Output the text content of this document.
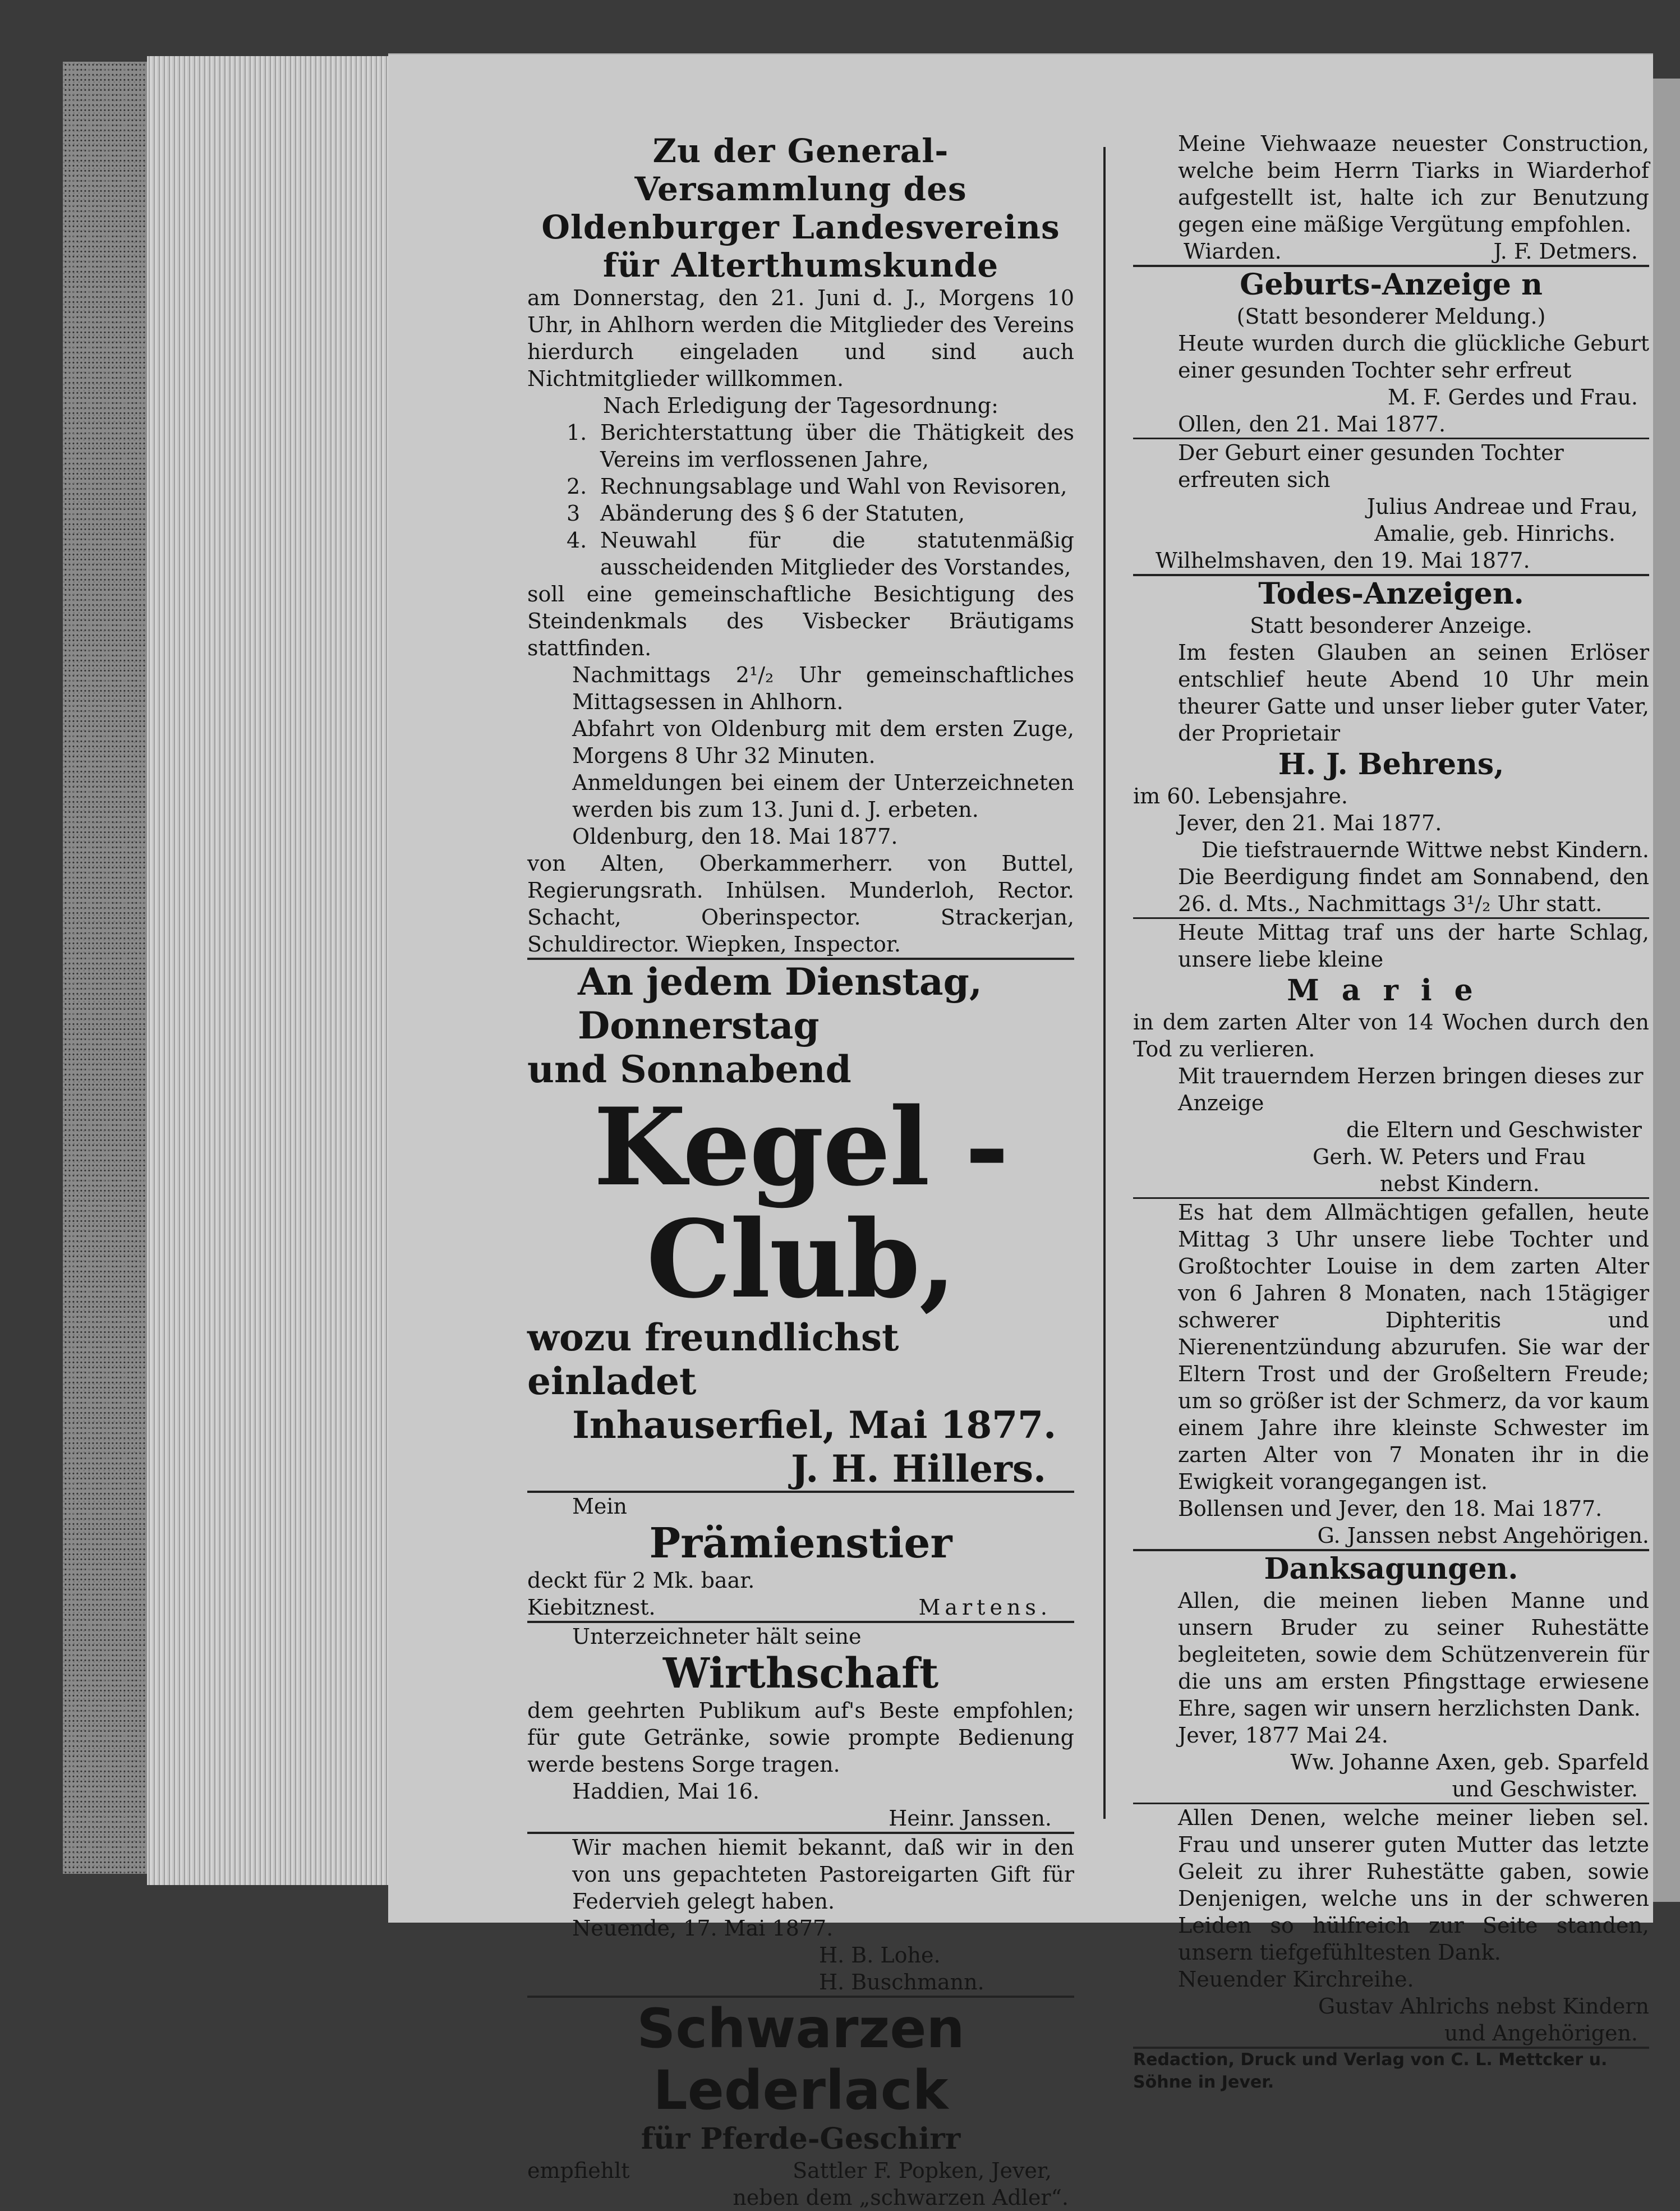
Zu der General-Versammlung des
Oldenburger Landesvereins
für Alterthumskunde

am Donnerstag, den 21. Juni d. J., Morgens 10 Uhr, in Ahlhorn werden die Mitglieder des Vereins hierdurch eingeladen und sind auch Nichtmitglieder willkommen.

Nach Erledigung der Tagesordnung:

1. Berichterstattung über die Thätigkeit des Vereins im verflossenen Jahre,
2. Rechnungsablage und Wahl von Revisoren,
3 Abänderung des § 6 der Statuten,
4. Neuwahl für die statutenmäßig ausscheidenden Mitglieder des Vorstandes,

soll eine gemeinschaftliche Besichtigung des Steindenkmals des Visbecker Bräutigams stattfinden.

Nachmittags 2¹/₂ Uhr gemeinschaftliches Mittagsessen in Ahlhorn.

Abfahrt von Oldenburg mit dem ersten Zuge, Morgens 8 Uhr 32 Minuten.

Anmeldungen bei einem der Unterzeichneten werden bis zum 13. Juni d. J. erbeten.

Oldenburg, den 18. Mai 1877.

von Alten, Oberkammerherr. von Buttel, Regierungsrath. Inhülsen. Munderloh, Rector. Schacht, Oberinspector. Strackerjan, Schuldirector. Wiepken, Inspector.

An jedem Dienstag, Donnerstag
und Sonnabend
Kegel - Club,
wozu freundlichst einladet
Inhauserfiel, Mai 1877.
J. H. Hillers.

Mein

Prämienstier

deckt für 2 Mk. baar.

Kiebitznest.	Martens.

Unterzeichneter hält seine

Wirthschaft

dem geehrten Publikum auf's Beste empfohlen; für gute Getränke, sowie prompte Bedienung werde bestens Sorge tragen.

Haddien, Mai 16.

Heinr. Janssen.

Wir machen hiemit bekannt, daß wir in den von uns gepachteten Pastoreigarten Gift für Federvieh gelegt haben.

Neuende, 17. Mai 1877.

H. B. Lohe.

H. Buschmann.

Schwarzen Lederlack
für Pferde-Geschirr
empfiehlt	Sattler F. Popken, Jever,

neben dem „schwarzen Adler“.

Meine Viehwaaze neuester Construction, welche beim Herrn Tiarks in Wiarderhof aufgestellt ist, halte ich zur Benutzung gegen eine mäßige Vergütung empfohlen.

Wiarden.	J. F. Detmers.
Geburts-Anzeige n

(Statt besonderer Meldung.)

Heute wurden durch die glückliche Geburt einer gesunden Tochter sehr erfreut

M. F. Gerdes und Frau.

Ollen, den 21. Mai 1877.

Der Geburt einer gesunden Tochter erfreuten sich

Julius Andreae und Frau,

Amalie, geb. Hinrichs.

Wilhelmshaven, den 19. Mai 1877.

Todes-Anzeigen.

Statt besonderer Anzeige.

Im festen Glauben an seinen Erlöser entschlief heute Abend 10 Uhr mein theurer Gatte und unser lieber guter Vater, der Proprietair

H. J. Behrens,

im 60. Lebensjahre.

Jever, den 21. Mai 1877.

Die tiefstrauernde Wittwe nebst Kindern.

Die Beerdigung findet am Sonnabend, den 26. d. Mts., Nachmittags 3¹/₂ Uhr statt.

Heute Mittag traf uns der harte Schlag, unsere liebe kleine

Marie

in dem zarten Alter von 14 Wochen durch den Tod zu verlieren.

Mit trauerndem Herzen bringen dieses zur Anzeige

die Eltern und Geschwister

Gerh. W. Peters und Frau

nebst Kindern.

Es hat dem Allmächtigen gefallen, heute Mittag 3 Uhr unsere liebe Tochter und Großtochter Louise in dem zarten Alter von 6 Jahren 8 Monaten, nach 15tägiger schwerer Diphteritis und Nierenentzündung abzurufen. Sie war der Eltern Trost und der Großeltern Freude; um so größer ist der Schmerz, da vor kaum einem Jahre ihre kleinste Schwester im zarten Alter von 7 Monaten ihr in die Ewigkeit vorangegangen ist.

Bollensen und Jever, den 18. Mai 1877.

G. Janssen nebst Angehörigen.

Danksagungen.

Allen, die meinen lieben Manne und unsern Bruder zu seiner Ruhestätte begleiteten, sowie dem Schützenverein für die uns am ersten Pfingsttage erwiesene Ehre, sagen wir unsern herzlichsten Dank.

Jever, 1877 Mai 24.

Ww. Johanne Axen, geb. Sparfeld

und Geschwister.

Allen Denen, welche meiner lieben sel. Frau und unserer guten Mutter das letzte Geleit zu ihrer Ruhestätte gaben, sowie Denjenigen, welche uns in der schweren Leiden so hülfreich zur Seite standen, unsern tiefgefühltesten Dank.

Neuender Kirchreihe.

Gustav Ahlrichs nebst Kindern

und Angehörigen.

Redaction, Druck und Verlag von C. L. Mettcker u. Söhne in Jever.
